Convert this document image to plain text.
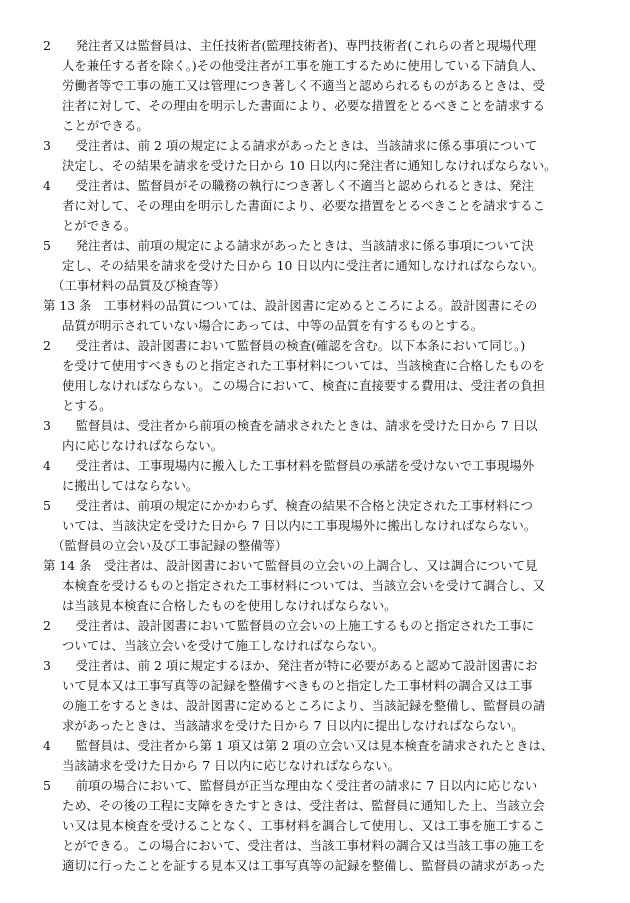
2　　発注者又は監督員は、主任技術者(監理技術者)、専門技術者(これらの者と現場代理
人を兼任する者を除く。)その他受注者が工事を施工するために使用している下請負人、
労働者等で工事の施工又は管理につき著しく不適当と認められるものがあるときは、受
注者に対して、その理由を明示した書面により、必要な措置をとるべきことを請求する
ことができる。
3　　受注者は、前 2 項の規定による請求があったときは、当該請求に係る事項について
決定し、その結果を請求を受けた日から 10 日以内に発注者に通知しなければならない。
4　　受注者は、監督員がその職務の執行につき著しく不適当と認められるときは、発注
者に対して、その理由を明示した書面により、必要な措置をとるべきことを請求するこ
とができる。
5　　発注者は、前項の規定による請求があったときは、当該請求に係る事項について決
定し、その結果を請求を受けた日から 10 日以内に受注者に通知しなければならない。
（工事材料の品質及び検査等）
第 13 条　工事材料の品質については、設計図書に定めるところによる。設計図書にその
品質が明示されていない場合にあっては、中等の品質を有するものとする。
2　　受注者は、設計図書において監督員の検査(確認を含む。以下本条において同じ。)
を受けて使用すべきものと指定された工事材料については、当該検査に合格したものを
使用しなければならない。この場合において、検査に直接要する費用は、受注者の負担
とする。
3　　監督員は、受注者から前項の検査を請求されたときは、請求を受けた日から 7 日以
内に応じなければならない。
4　　受注者は、工事現場内に搬入した工事材料を監督員の承諾を受けないで工事現場外
に搬出してはならない。
5　　受注者は、前項の規定にかかわらず、検査の結果不合格と決定された工事材料につ
いては、当該決定を受けた日から 7 日以内に工事現場外に搬出しなければならない。
（監督員の立会い及び工事記録の整備等）
第 14 条　受注者は、設計図書において監督員の立会いの上調合し、又は調合について見
本検査を受けるものと指定された工事材料については、当該立会いを受けて調合し、又
は当該見本検査に合格したものを使用しなければならない。
2　　受注者は、設計図書において監督員の立会いの上施工するものと指定された工事に
ついては、当該立会いを受けて施工しなければならない。
3　　受注者は、前 2 項に規定するほか、発注者が特に必要があると認めて設計図書にお
いて見本又は工事写真等の記録を整備すべきものと指定した工事材料の調合又は工事
の施工をするときは、設計図書に定めるところにより、当該記録を整備し、監督員の請
求があったときは、当該請求を受けた日から 7 日以内に提出しなければならない。
4　　監督員は、受注者から第 1 項又は第 2 項の立会い又は見本検査を請求されたときは、
当該請求を受けた日から 7 日以内に応じなければならない。
5　　前項の場合において、監督員が正当な理由なく受注者の請求に 7 日以内に応じない
ため、その後の工程に支障をきたすときは、受注者は、監督員に通知した上、当該立会
い又は見本検査を受けることなく、工事材料を調合して使用し、又は工事を施工するこ
とができる。この場合において、受注者は、当該工事材料の調合又は当該工事の施工を
適切に行ったことを証する見本又は工事写真等の記録を整備し、監督員の請求があった
